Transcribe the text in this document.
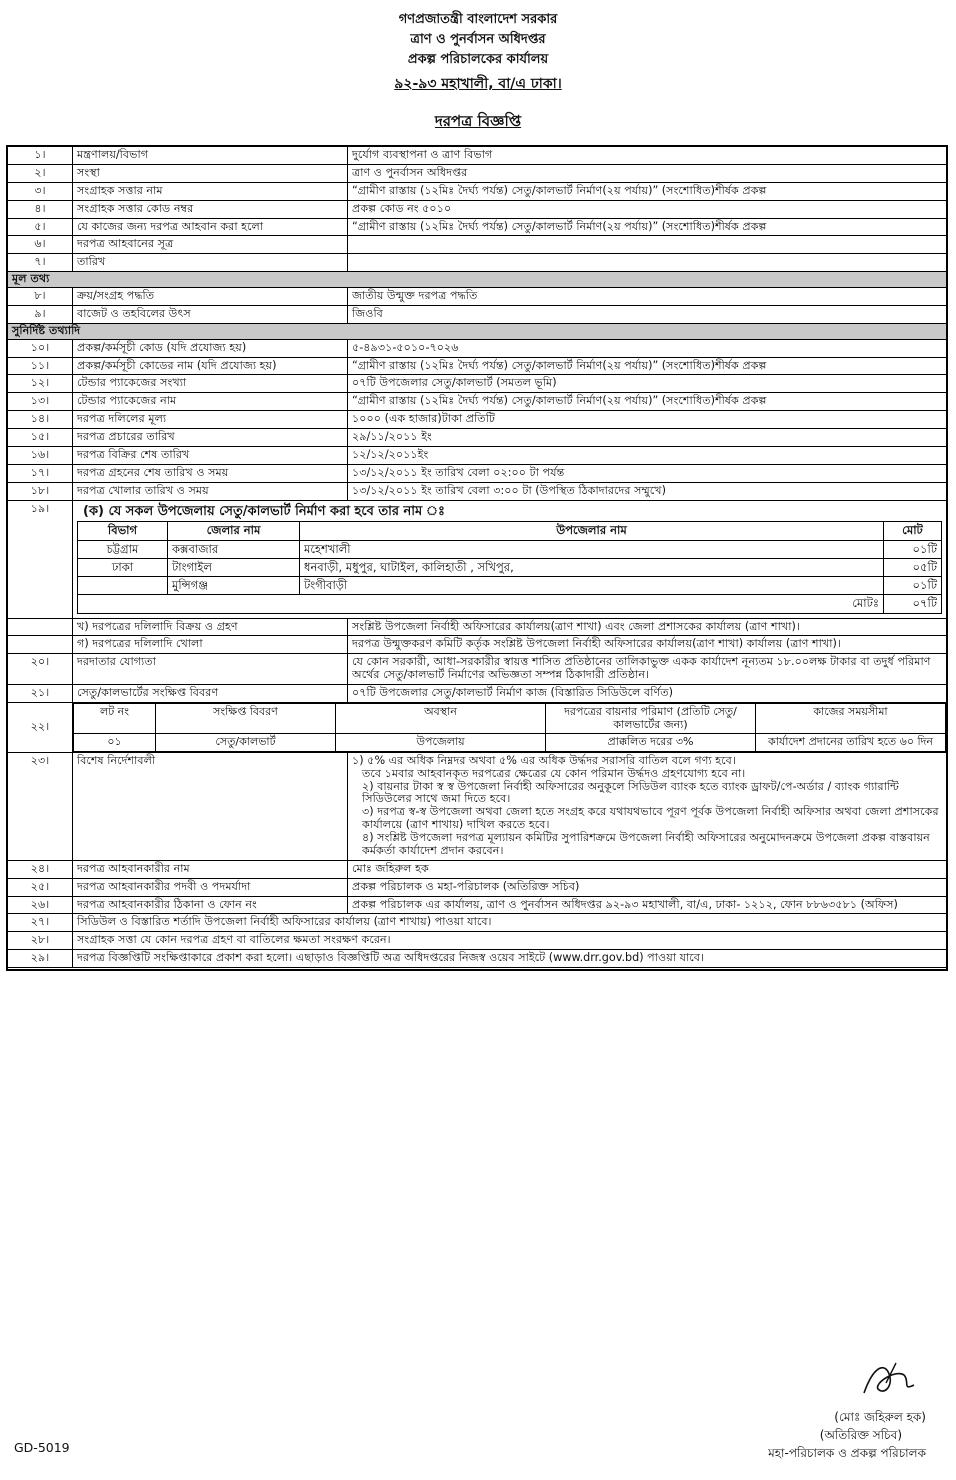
গণপ্রজাতন্ত্রী বাংলাদেশ সরকার
ত্রাণ ও পুনর্বাসন অধিদপ্তর
প্রকল্প পরিচালকের কার্যালয়
৯২-৯৩ মহাখালী, বা/এ ঢাকা।
দরপত্র বিজ্ঞপ্তি
১।	মন্ত্রণালয়/বিভাগ	দুর্যোগ ব্যবস্থাপনা ও ত্রাণ বিভাগ
২।	সংস্থা	ত্রাণ ও পুনর্বাসন অধিদপ্তর
৩।	সংগ্রাহক সত্তার নাম	“গ্রামীণ রাস্তায় (১২মিঃ দৈর্ঘ্য পর্যন্ত) সেতু/কালভার্ট নির্মাণ(২য় পর্যায়)” (সংশোধিত)শীর্ষক প্রকল্প
৪।	সংগ্রাহক সত্তার কোড নম্বর	প্রকল্প কোড নং ৫০১০
৫।	যে কাজের জন্য দরপত্র আহবান করা হলো	“গ্রামীণ রাস্তায় (১২মিঃ দৈর্ঘ্য পর্যন্ত) সেতু/কালভার্ট নির্মাণ(২য় পর্যায়)” (সংশোধিত)শীর্ষক প্রকল্প
৬।	দরপত্র আহবানের সূত্র	
৭।	তারিখ	
মূল তথ্য
৮।	ক্রয়/সংগ্রহ পদ্ধতি	জাতীয় উন্মুক্ত দরপত্র পদ্ধতি
৯।	বাজেট ও তহবিলের উৎস	জিওবি
সুনির্দিষ্ট তথ্যাদি
১০।	প্রকল্প/কর্মসূচী কোড (যদি প্রযোজ্য হয়)	৫-৪৯৩১-৫০১০-৭০২৬
১১।	প্রকল্প/কর্মসূচী কোডের নাম (যদি প্রযোজ্য হয়)	“গ্রামীণ রাস্তায় (১২মিঃ দৈর্ঘ্য পর্যন্ত) সেতু/কালভার্ট নির্মাণ(২য় পর্যায়)” (সংশোধিত)শীর্ষক প্রকল্প
১২।	টেন্ডার প্যাকেজের সংখ্যা	০৭টি উপজেলার সেতু/কালভার্ট (সমতল ভূমি)
১৩।	টেন্ডার প্যাকেজের নাম	“গ্রামীণ রাস্তায় (১২মিঃ দৈর্ঘ্য পর্যন্ত) সেতু/কালভার্ট নির্মাণ(২য় পর্যায়)” (সংশোধিত)শীর্ষক প্রকল্প
১৪।	দরপত্র দলিলের মূল্য	১০০০ (এক হাজার)টাকা প্রতিটি
১৫।	দরপত্র প্রচারের তারিখ	২৯/১১/২০১১ ইং
১৬।	দরপত্র বিক্রির শেষ তারিখ	১২/১২/২০১১ইং
১৭।	দরপত্র গ্রহনের শেষ তারিখ ও সময়	১৩/১২/২০১১ ইং তারিখ বেলা ০২:০০ টা পর্যন্ত
১৮।	দরপত্র খোলার তারিখ ও সময়	১৩/১২/২০১১ ইং তারিখ বেলা ৩:০০ টা (উপস্থিত ঠিকাদারদের সম্মুখে)
১৯।	(ক) যে সকল উপজেলায় সেতু/কালভার্ট নির্মাণ করা হবে তার নাম ঃ
বিভাগ	জেলার নাম	উপজেলার নাম	মোট
চট্টগ্রাম	কক্সবাজার	মহেশখালী	০১টি
ঢাকা	টাংগাইল	ধনবাড়ী, মধুপুর, ঘাটাইল, কালিহাতী , সখিপুর,	০৫টি
	মুন্সিগঞ্জ	টংগীবাড়ী	০১টি
মোটঃ	০৭টি

	খ) দরপত্রের দলিলাদি বিক্রয় ও গ্রহণ	সংশ্লিষ্ট উপজেলা নির্বাহী অফিসারের কার্যালয়(ত্রাণ শাখা) এবং জেলা প্রশাসকের কার্যালয় (ত্রাণ শাখা)।
	গ) দরপত্রের দলিলাদি খোলা	দরপত্র উন্মুক্তকরণ কমিটি কর্তৃক সংশ্লিষ্ট উপজেলা নির্বাহী অফিসারের কার্যালয়(ত্রাণ শাখা) কার্যালয় (ত্রাণ শাখা)।
২০।	দরদাতার যোগ্যতা	যে কোন সরকারী, আধা-সরকারীর স্বায়ত্ত শাসিত প্রতিষ্ঠানের তালিকাভুক্ত একক কার্যাদেশ নূন্যতম ১৮.০০লক্ষ টাকার বা তদুর্ধ পরিমাণ অর্থের সেতু/কালভার্ট নির্মাণের অভিজ্ঞতা সম্পন্ন ঠিকাদারী প্রতিষ্ঠান।
২১।	সেতু/কালভার্টের সংক্ষিপ্ত বিবরণ	০৭টি উপজেলার সেতু/কালভার্ট নির্মাণ কাজ (বিস্তারিত সিডিউলে বর্ণিত)
২২।	
লট নং	সংক্ষিপ্ত বিবরণ	অবস্থান	দরপত্রের বায়নার পরিমাণ (প্রতিটি সেতু/কালভার্টের জন্য)	কাজের সময়সীমা
০১	সেতু/কালভার্ট	উপজেলায়	প্রাক্কলিত দরের ৩%	কার্যাদেশ প্রদানের তারিখ হতে ৬০ দিন

২৩।	বিশেষ নির্দেশাবলী	১) ৫% এর অধিক নিম্নদর অথবা ৫% এর অধিক উর্দ্ধদর সরাসরি বাতিল বলে গণ্য হবে।
তবে ১মবার আহবানকৃত দরপত্রের ক্ষেত্রের যে কোন পরিমান উর্দ্ধদও গ্রহণযোগ্য হবে না।
২) বায়নার টাকা স্ব স্ব উপজেলা নির্বাহী অফিসারের অনুকূলে সিডিউল ব্যাংক হতে ব্যাংক ড্রাফট/পে-অর্ডার / ব্যাংক গ্যারান্টি সিডিউলের সাথে জমা দিতে হবে।
৩) দরপত্র স্ব-স্ব উপজেলা অথবা জেলা হতে সংগ্রহ করে যথাযথভাবে পূরণ পূর্বক উপজেলা নির্বাহী অফিসার অথবা জেলা প্রশাসকের কার্যালয়ে (ত্রাণ শাখায়) দাখিল করতে হবে।
৪) সংশ্লিষ্ট উপজেলা দরপত্র মূল্যায়ন কমিটির সুপারিশক্রমে উপজেলা নির্বাহী অফিসারের অনুমোদনক্রমে উপজেলা প্রকল্প বাস্তবায়ন কর্মকর্তা কার্যাদেশ প্রদান করবেন।

২৪।	দরপত্র আহবানকারীর নাম	মোঃ জহিরুল হক
২৫।	দরপত্র আহবানকারীর পদবী ও পদমর্যাদা	প্রকল্প পরিচালক ও মহা-পরিচালক (অতিরিক্ত সচিব)
২৬।	দরপত্র আহবানকারীর ঠিকানা ও ফোন নং	প্রকল্প পরিচালক এর কার্যালয়, ত্রাণ ও পুনর্বাসন অধিদপ্তর ৯২-৯৩ মহাখালী, বা/এ, ঢাকা- ১২১২, ফোন ৮৮৬৩৫৮১ (অফিস)
২৭।	সিডিউল ও বিস্তারিত শর্তাদি উপজেলা নির্বাহী অফিসারের কার্যালয় (ত্রাণ শাখায়) পাওয়া যাবে।
২৮।	সংগ্রাহক সত্তা যে কোন দরপত্র গ্রহণ বা বাতিলের ক্ষমতা সংরক্ষণ করেন।
২৯।	দরপত্র বিজ্ঞপ্তিটি সংক্ষিপ্তাকারে প্রকাশ করা হলো। এছাড়াও বিজ্ঞপ্তিটি অত্র অধিদপ্তরের নিজস্ব ওয়েব সাইটে (www.drr.gov.bd) পাওয়া যাবে।
(মোঃ জহিরুল হক)
(অতিরিক্ত সচিব)
মহা-পরিচালক ও প্রকল্প পরিচালক
GD-5019
